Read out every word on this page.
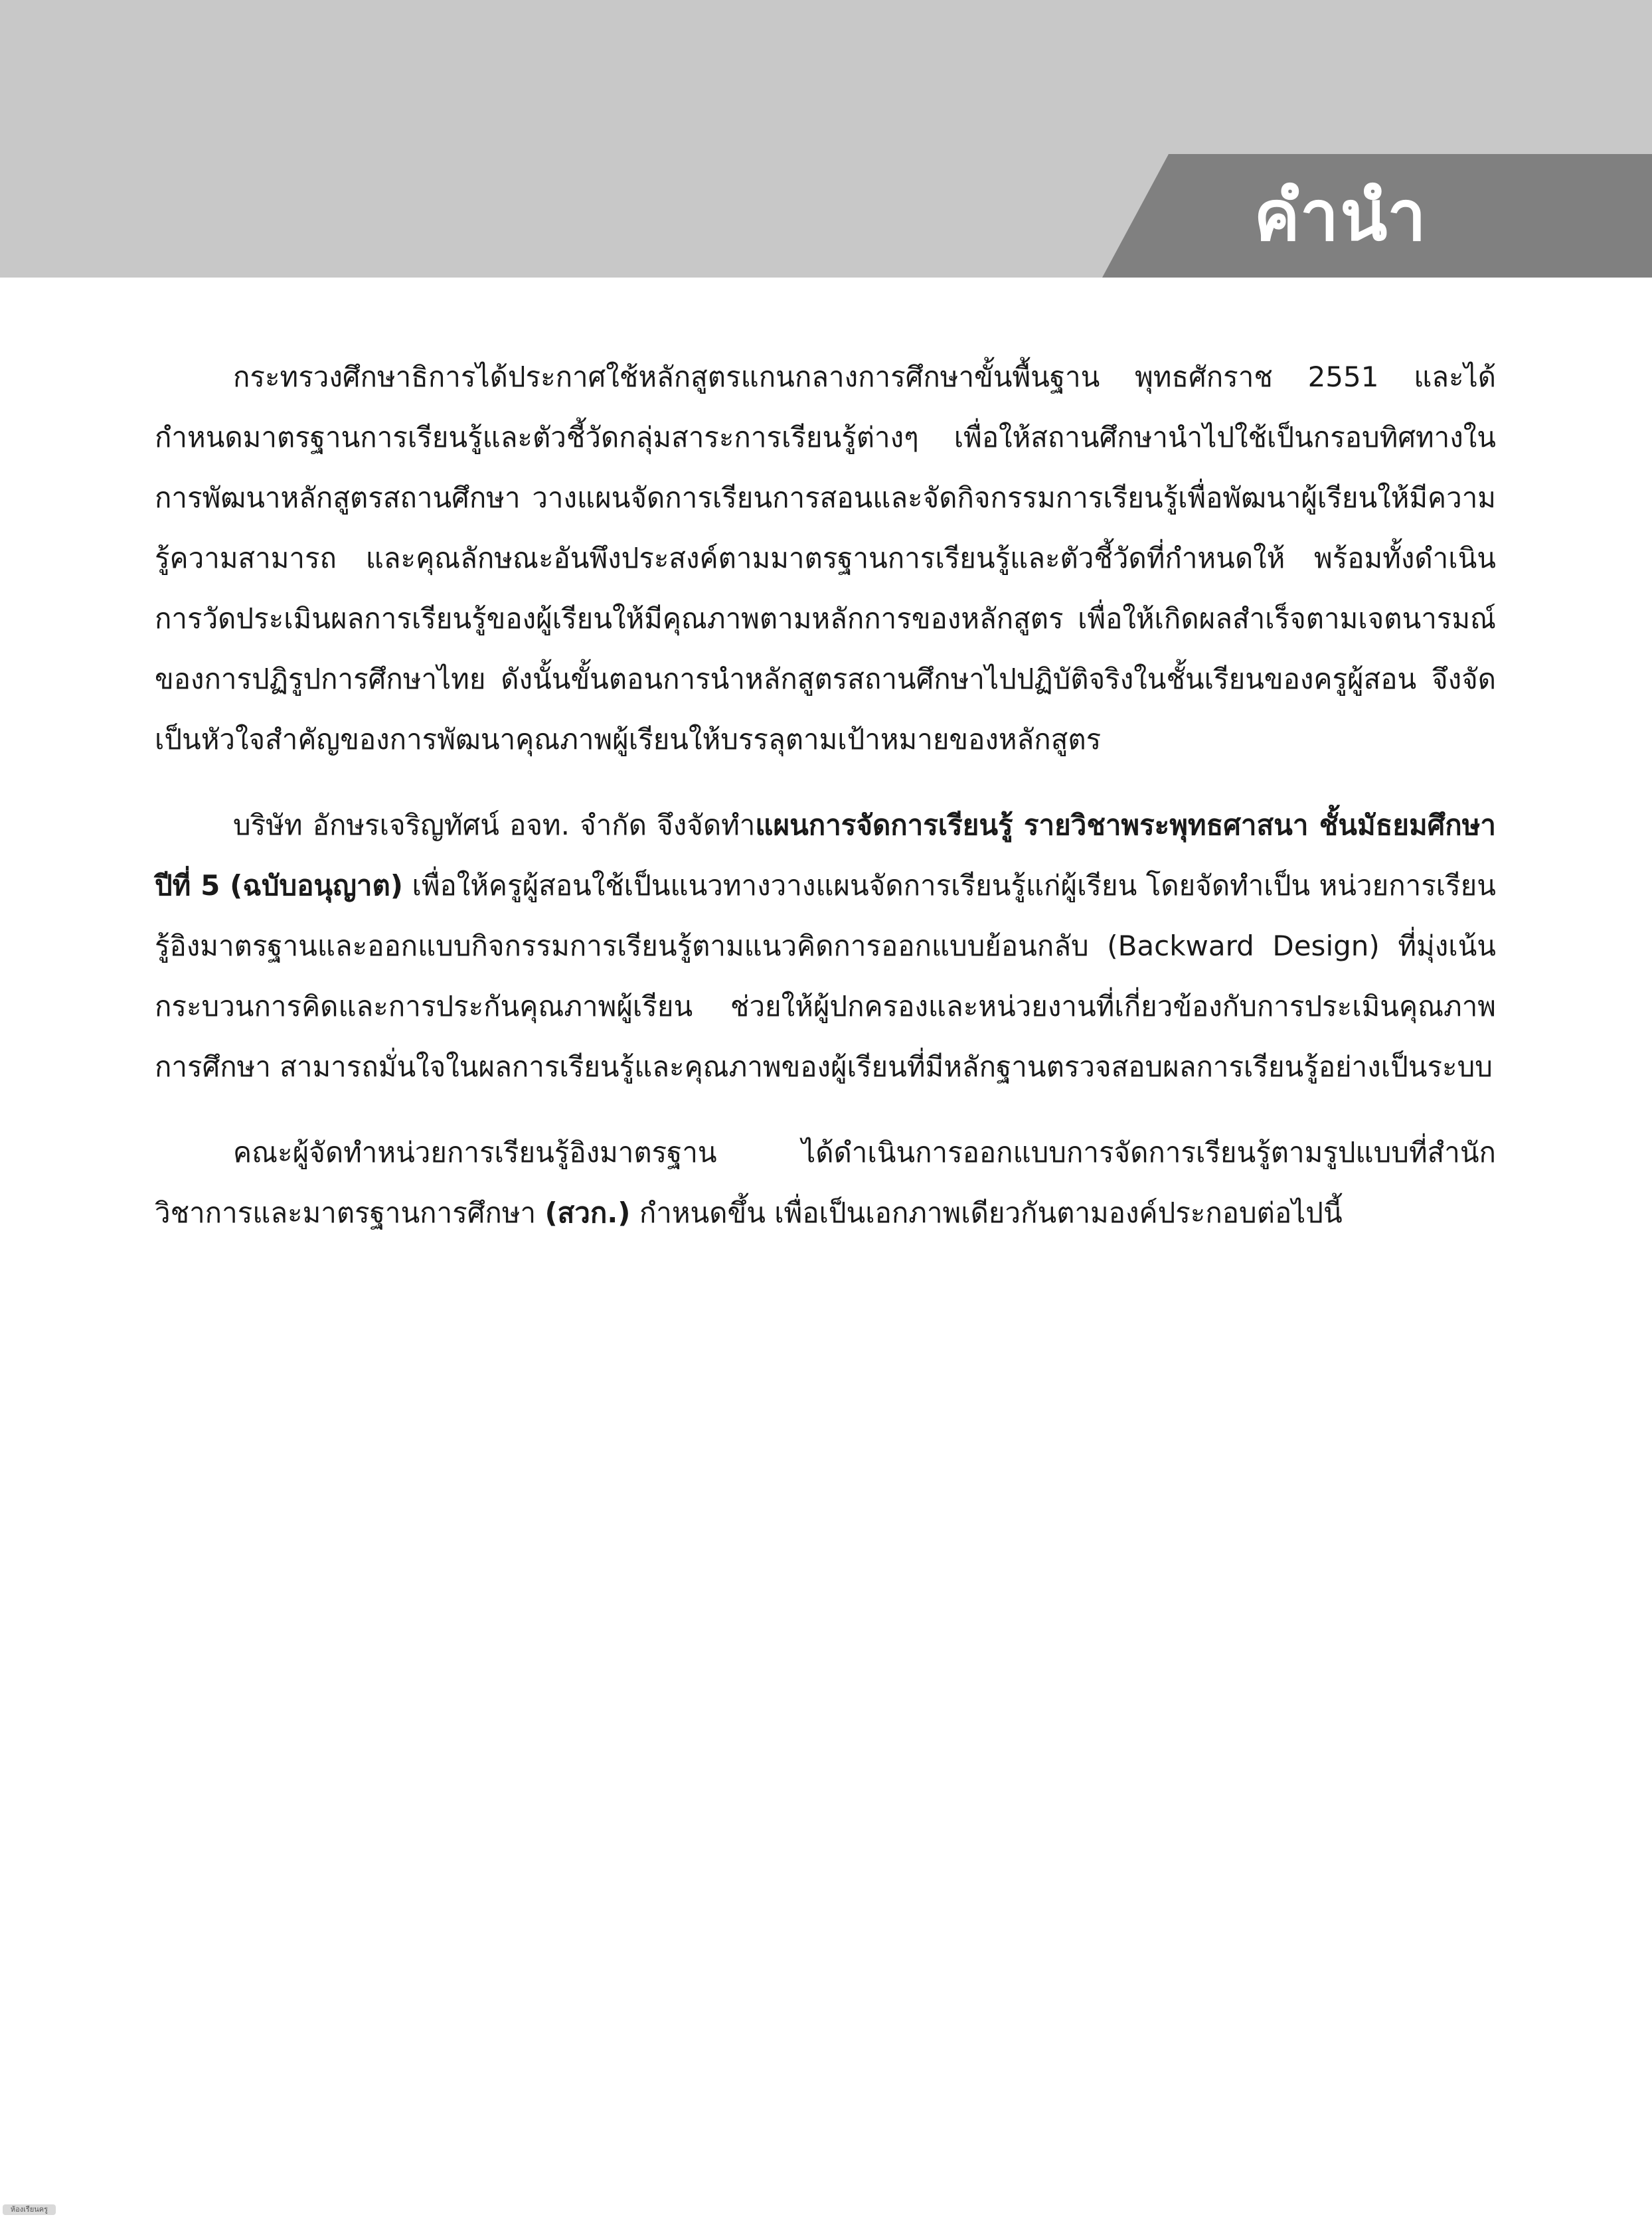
คำนำ

กระทรวงศึกษาธิการได้ประกาศใช้หลักสูตรแกนกลางการศึกษาขั้นพื้นฐาน พุทธศักราช 2551 และได้กำหนดมาตรฐานการเรียนรู้และตัวชี้วัดกลุ่มสาระการเรียนรู้ต่างๆ เพื่อให้สถานศึกษานำไปใช้เป็นกรอบทิศทางในการพัฒนาหลักสูตรสถานศึกษา วางแผนจัดการเรียนการสอนและจัดกิจกรรมการเรียนรู้เพื่อพัฒนาผู้เรียนให้มีความรู้ความสามารถ และคุณลักษณะอันพึงประสงค์ตามมาตรฐานการเรียนรู้และตัวชี้วัดที่กำหนดให้ พร้อมทั้งดำเนินการวัดประเมินผลการเรียนรู้ของผู้เรียนให้มีคุณภาพตามหลักการของหลักสูตร เพื่อให้เกิดผลสำเร็จตามเจตนารมณ์ของการปฏิรูปการศึกษาไทย ดังนั้นขั้นตอนการนำหลักสูตรสถานศึกษาไปปฏิบัติจริงในชั้นเรียนของครูผู้สอน จึงจัดเป็นหัวใจสำคัญของการพัฒนาคุณภาพผู้เรียนให้บรรลุตามเป้าหมายของหลักสูตร

บริษัท อักษรเจริญทัศน์ อจท. จำกัด จึงจัดทำแผนการจัดการเรียนรู้ รายวิชาพระพุทธศาสนา ชั้นมัธยมศึกษาปีที่ 5 (ฉบับอนุญาต) เพื่อให้ครูผู้สอนใช้เป็นแนวทางวางแผนจัดการเรียนรู้แก่ผู้เรียน โดยจัดทำเป็น หน่วยการเรียนรู้อิงมาตรฐานและออกแบบกิจกรรมการเรียนรู้ตามแนวคิดการออกแบบย้อนกลับ (Backward Design) ที่มุ่งเน้นกระบวนการคิดและการประกันคุณภาพผู้เรียน ช่วยให้ผู้ปกครองและหน่วยงานที่เกี่ยวข้องกับการประเมินคุณภาพการศึกษา สามารถมั่นใจในผลการเรียนรู้และคุณภาพของผู้เรียนที่มีหลักฐานตรวจสอบผลการเรียนรู้อย่างเป็นระบบ

คณะผู้จัดทำหน่วยการเรียนรู้อิงมาตรฐาน ได้ดำเนินการออกแบบการจัดการเรียนรู้ตามรูปแบบที่สำนักวิชาการและมาตรฐานการศึกษา (สวก.) กำหนดขึ้น เพื่อเป็นเอกภาพเดียวกันตามองค์ประกอบต่อไปนี้

ห้องเรียนครู
